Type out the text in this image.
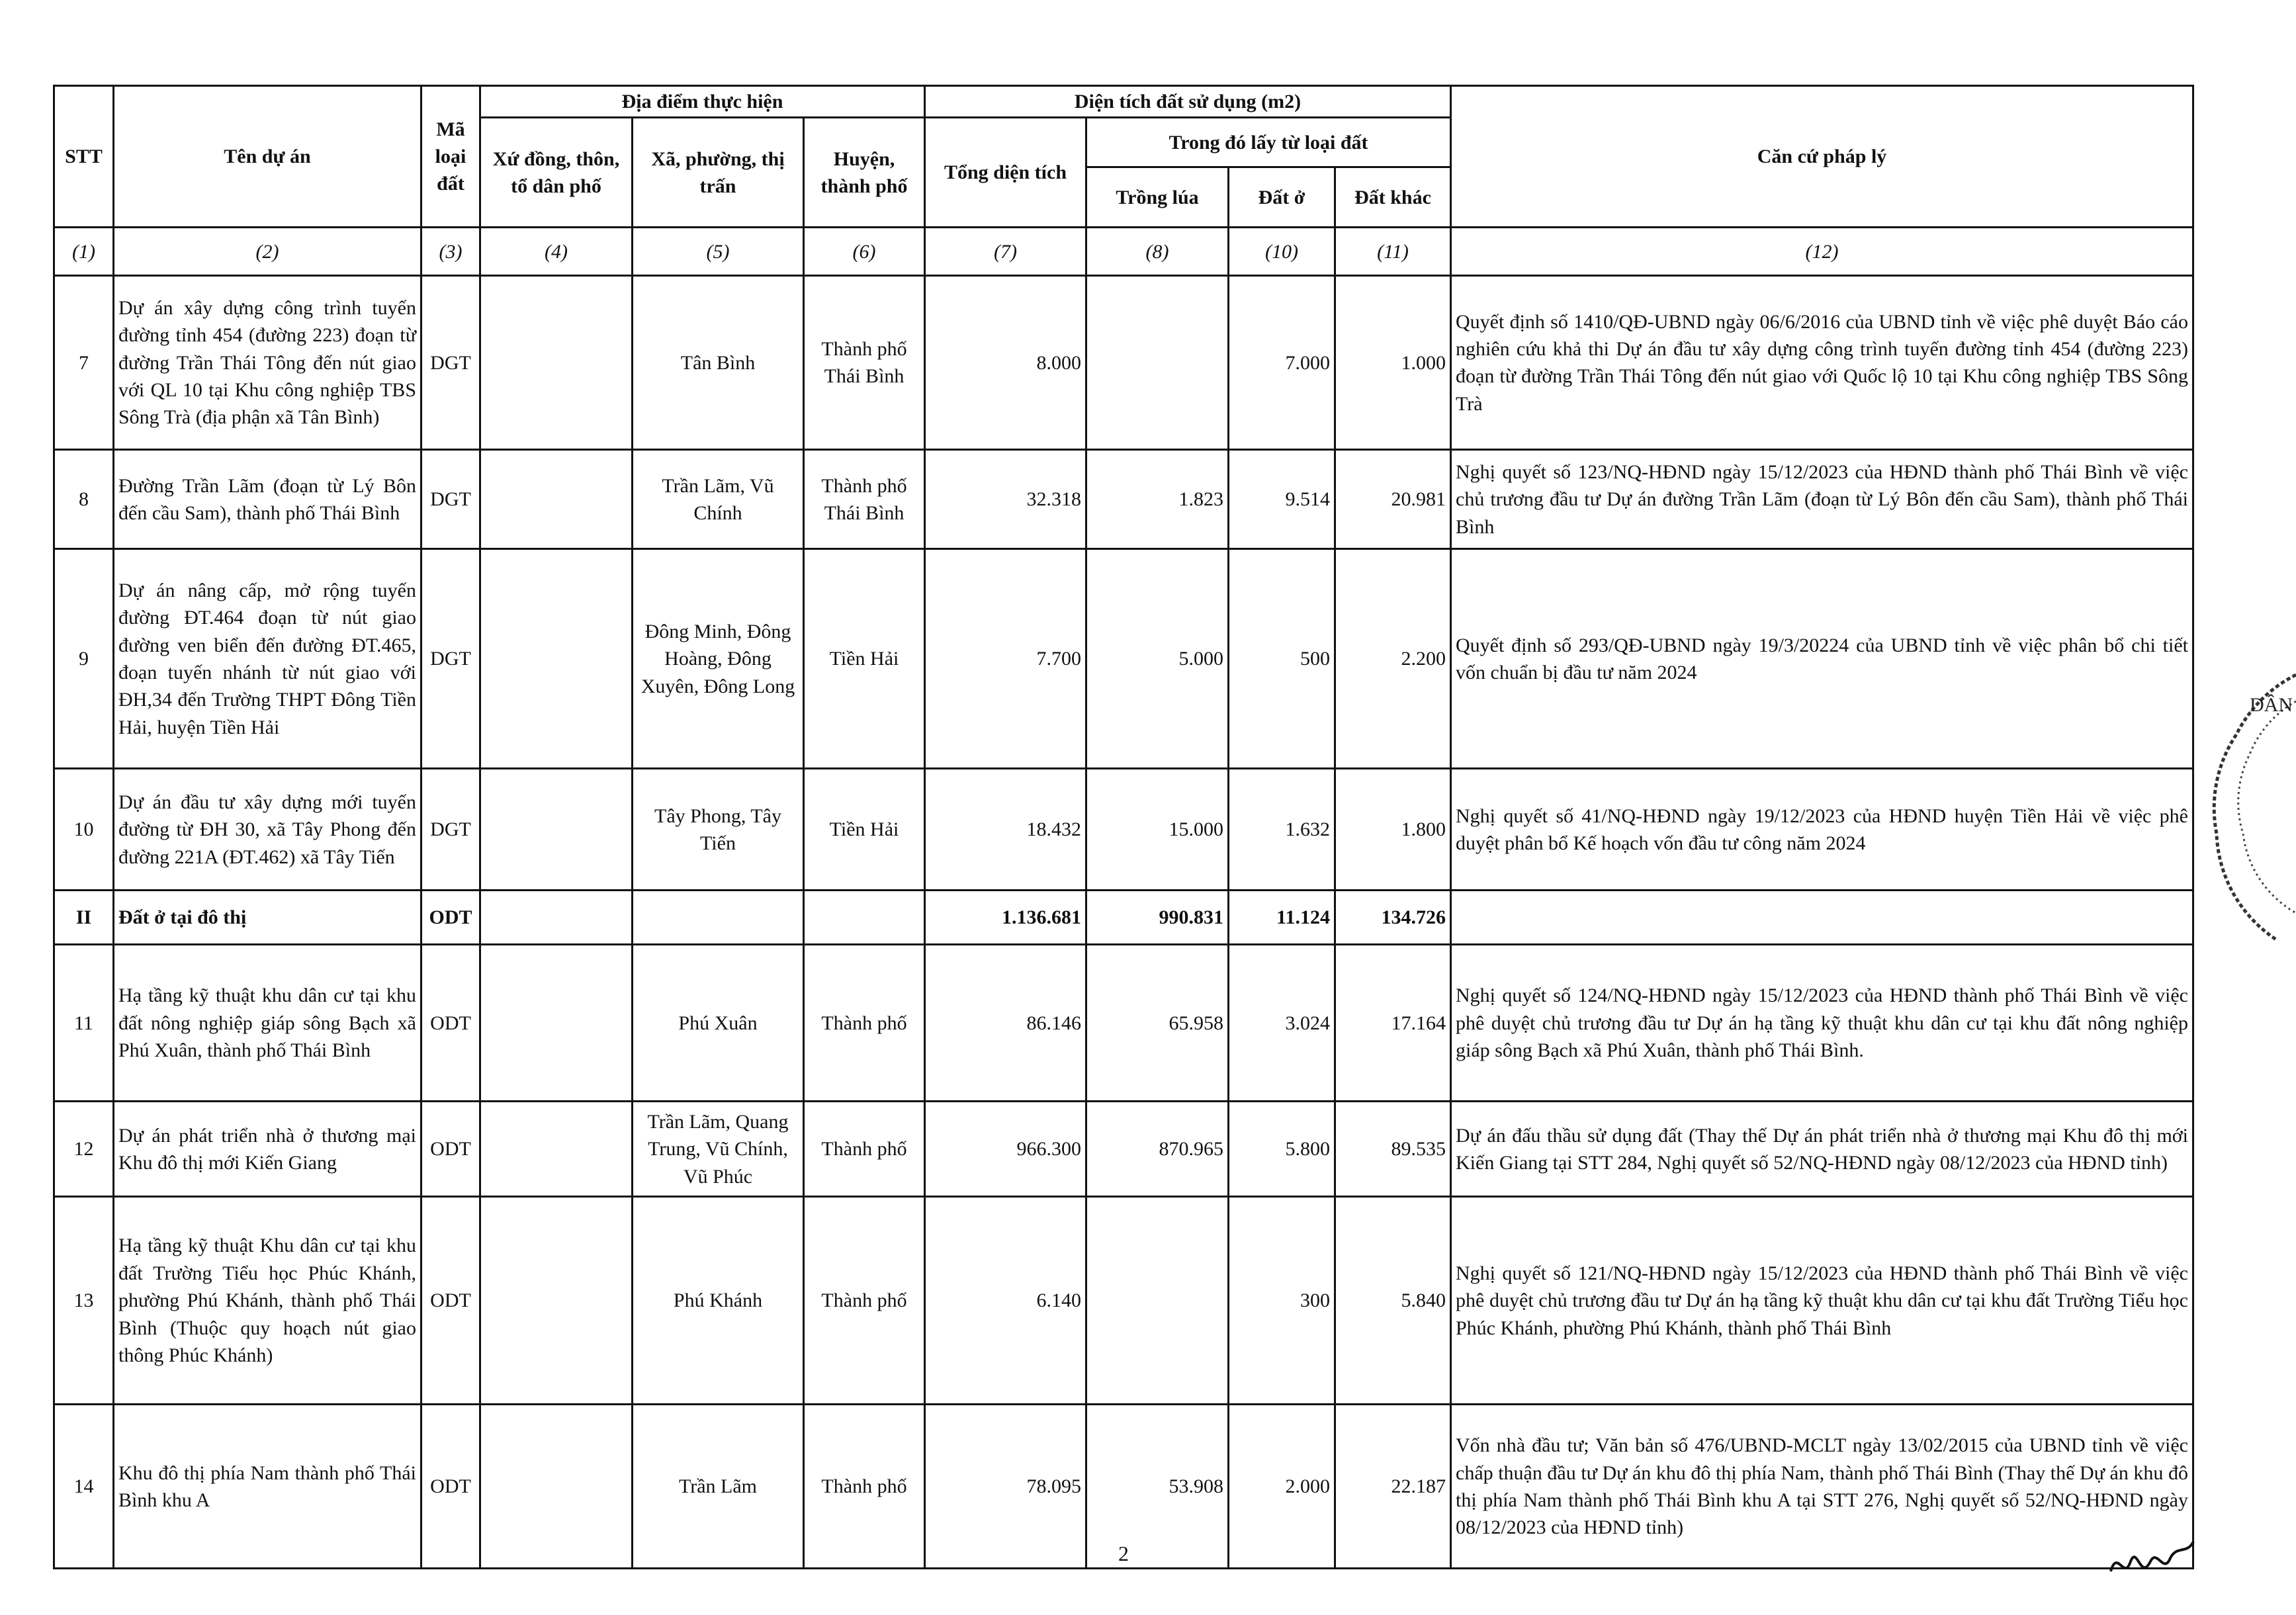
STT	Tên dự án	Mã loại đất	Địa điểm thực hiện			Diện tích đất sử dụng (m2)				Căn cứ pháp lý
			Xứ đồng, thôn, tổ dân phố	Xã, phường, thị trấn	Huyện, thành phố	Tổng diện tích	Trong đó lấy từ loại đất			
							Trồng lúa	Đất ở	Đất khác	
(1)	(2)	(3)	(4)	(5)	(6)	(7)	(8)	(10)	(11)	(12)
7	Dự án xây dựng công trình tuyến đường tỉnh 454 (đường 223) đoạn từ đường Trần Thái Tông đến nút giao với QL 10 tại Khu công nghiệp TBS Sông Trà (địa phận xã Tân Bình)	DGT		Tân Bình	Thành phố Thái Bình	8.000		7.000	1.000	Quyết định số 1410/QĐ-UBND ngày 06/6/2016 của UBND tỉnh về việc phê duyệt Báo cáo nghiên cứu khả thi Dự án đầu tư xây dựng công trình tuyến đường tỉnh 454 (đường 223) đoạn từ đường Trần Thái Tông đến nút giao với Quốc lộ 10 tại Khu công nghiệp TBS Sông Trà
8	Đường Trần Lãm (đoạn từ Lý Bôn đến cầu Sam), thành phố Thái Bình	DGT		Trần Lãm, Vũ Chính	Thành phố Thái Bình	32.318	1.823	9.514	20.981	Nghị quyết số 123/NQ-HĐND ngày 15/12/2023 của HĐND thành phố Thái Bình về việc chủ trương đầu tư Dự án đường Trần Lãm (đoạn từ Lý Bôn đến cầu Sam), thành phố Thái Bình
9	Dự án nâng cấp, mở rộng tuyến đường ĐT.464 đoạn từ nút giao đường ven biển đến đường ĐT.465, đoạn tuyến nhánh từ nút giao với ĐH,34 đến Trường THPT Đông Tiền Hải, huyện Tiền Hải	DGT		Đông Minh, Đông Hoàng, Đông Xuyên, Đông Long	Tiền Hải	7.700	5.000	500	2.200	Quyết định số 293/QĐ-UBND ngày 19/3/20224 của UBND tỉnh về việc phân bổ chi tiết vốn chuẩn bị đầu tư năm 2024
10	Dự án đầu tư xây dựng mới tuyến đường từ ĐH 30, xã Tây Phong đến đường 221A (ĐT.462) xã Tây Tiến	DGT		Tây Phong, Tây Tiến	Tiền Hải	18.432	15.000	1.632	1.800	Nghị quyết số 41/NQ-HĐND ngày 19/12/2023 của HĐND huyện Tiền Hải về việc phê duyệt phân bổ Kế hoạch vốn đầu tư công năm 2024
II	Đất ở tại đô thị	ODT				1.136.681	990.831	11.124	134.726	
11	Hạ tầng kỹ thuật khu dân cư tại khu đất nông nghiệp giáp sông Bạch xã Phú Xuân, thành phố Thái Bình	ODT		Phú Xuân	Thành phố	86.146	65.958	3.024	17.164	Nghị quyết số 124/NQ-HĐND ngày 15/12/2023 của HĐND thành phố Thái Bình về việc phê duyệt chủ trương đầu tư Dự án hạ tầng kỹ thuật khu dân cư tại khu đất nông nghiệp giáp sông Bạch xã Phú Xuân, thành phố Thái Bình.
12	Dự án phát triển nhà ở thương mại Khu đô thị mới Kiến Giang	ODT		Trần Lãm, Quang Trung, Vũ Chính, Vũ Phúc	Thành phố	966.300	870.965	5.800	89.535	Dự án đấu thầu sử dụng đất (Thay thế Dự án phát triển nhà ở thương mại Khu đô thị mới Kiến Giang tại STT 284, Nghị quyết số 52/NQ-HĐND ngày 08/12/2023 của HĐND tỉnh)
13	Hạ tầng kỹ thuật Khu dân cư tại khu đất Trường Tiểu học Phúc Khánh, phường Phú Khánh, thành phố Thái Bình (Thuộc quy hoạch nút giao thông Phúc Khánh)	ODT		Phú Khánh	Thành phố	6.140		300	5.840	Nghị quyết số 121/NQ-HĐND ngày 15/12/2023 của HĐND thành phố Thái Bình về việc phê duyệt chủ trương đầu tư Dự án hạ tầng kỹ thuật khu dân cư tại khu đất Trường Tiểu học Phúc Khánh, phường Phú Khánh, thành phố Thái Bình
14	Khu đô thị phía Nam thành phố Thái Bình khu A	ODT		Trần Lãm	Thành phố	78.095	53.908	2.000	22.187	Vốn nhà đầu tư; Văn bản số 476/UBND-MCLT ngày 13/02/2015 của UBND tỉnh về việc chấp thuận đầu tư Dự án khu đô thị phía Nam, thành phố Thái Bình (Thay thế Dự án khu đô thị phía Nam thành phố Thái Bình khu A tại STT 276, Nghị quyết số 52/NQ-HĐND ngày 08/12/2023 của HĐND tỉnh)
2
DÂN
